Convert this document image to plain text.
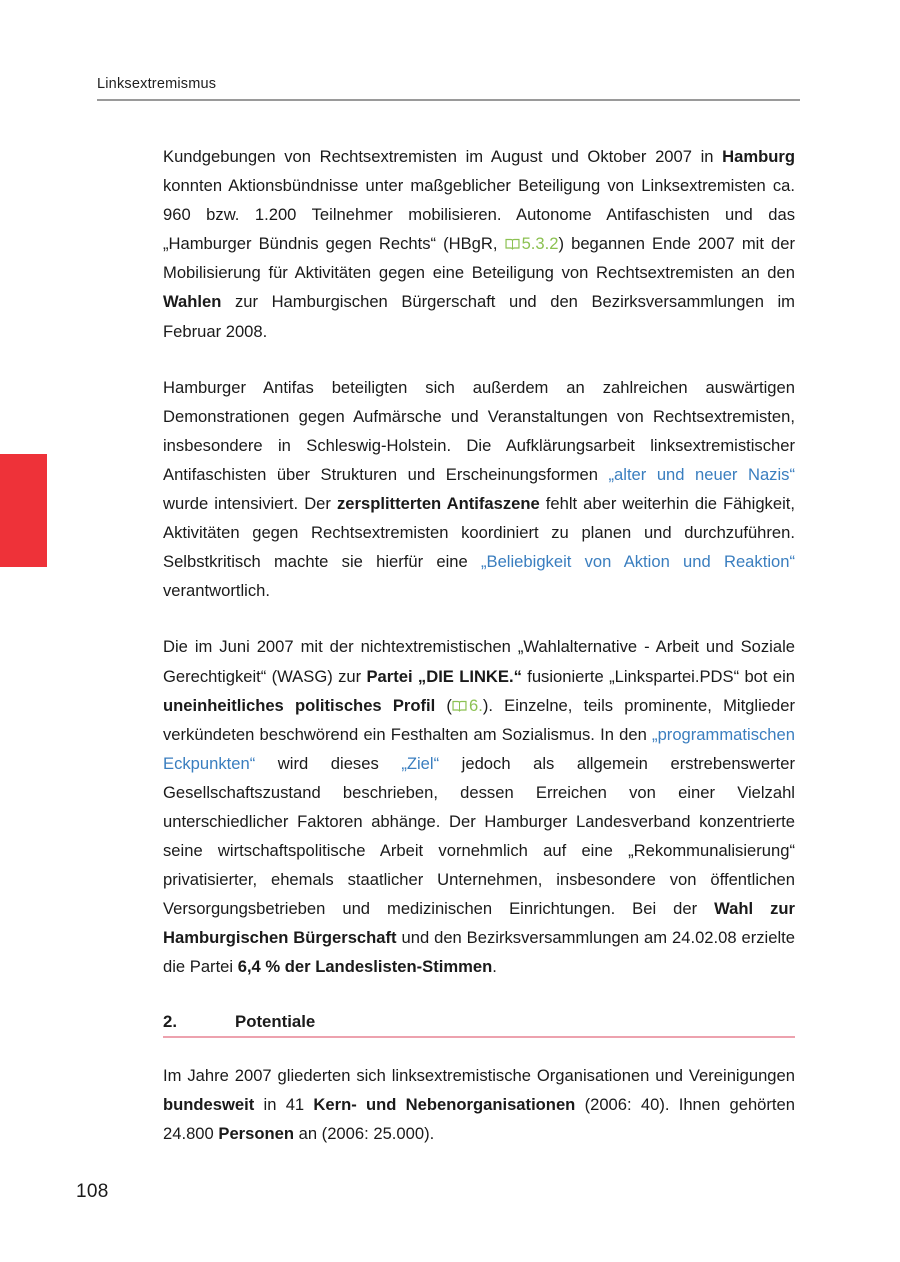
Linksextremismus

Kundgebungen von Rechtsextremisten im August und Oktober 2007 in Hamburg konnten Aktionsbündnisse unter maßgeblicher Beteiligung von Linksextremisten ca. 960 bzw. 1.200 Teilnehmer mobilisieren. Autonome Antifaschisten und das „Hamburger Bündnis gegen Rechts“ (HBgR, 5.3.2) begannen Ende 2007 mit der Mobilisierung für Aktivitäten gegen eine Beteiligung von Rechtsextremisten an den Wahlen zur Hamburgischen Bürgerschaft und den Bezirksversammlungen im Februar 2008.

Hamburger Antifas beteiligten sich außerdem an zahlreichen auswärtigen Demonstrationen gegen Aufmärsche und Veranstaltungen von Rechtsextremisten, insbesondere in Schleswig-Holstein. Die Aufklärungsarbeit linksextremistischer Antifaschisten über Strukturen und Erscheinungsformen „alter und neuer Nazis“ wurde intensiviert. Der zersplitterten Antifaszene fehlt aber weiterhin die Fähigkeit, Aktivitäten gegen Rechtsextremisten koordiniert zu planen und durchzuführen. Selbstkritisch machte sie hierfür eine „Beliebigkeit von Aktion und Reaktion“ verantwortlich.

Die im Juni 2007 mit der nichtextremistischen „Wahlalternative - Arbeit und Soziale Gerechtigkeit“ (WASG) zur Partei „DIE LINKE.“ fusionierte „Linkspartei.PDS“ bot ein uneinheitliches politisches Profil ( 6.). Einzelne, teils prominente, Mitglieder verkündeten beschwörend ein Festhalten am Sozialismus. In den „programmatischen Eckpunkten“ wird dieses „Ziel“ jedoch als allgemein erstrebenswerter Gesellschaftszustand beschrieben, dessen Erreichen von einer Vielzahl unterschiedlicher Faktoren abhänge. Der Hamburger Landesverband konzentrierte seine wirtschaftspolitische Arbeit vornehmlich auf eine „Rekommunalisierung“ privatisierter, ehemals staatlicher Unternehmen, insbesondere von öffentlichen Versorgungsbetrieben und medizinischen Einrichtungen. Bei der Wahl zur Hamburgischen Bürgerschaft und den Bezirksversammlungen am 24.02.08 erzielte die Partei 6,4 % der Landeslisten-Stimmen.

2.	Potentiale

Im Jahre 2007 gliederten sich linksextremistische Organisationen und Vereinigungen bundesweit in 41 Kern- und Nebenorganisationen (2006: 40). Ihnen gehörten 24.800 Personen an (2006: 25.000).

108
